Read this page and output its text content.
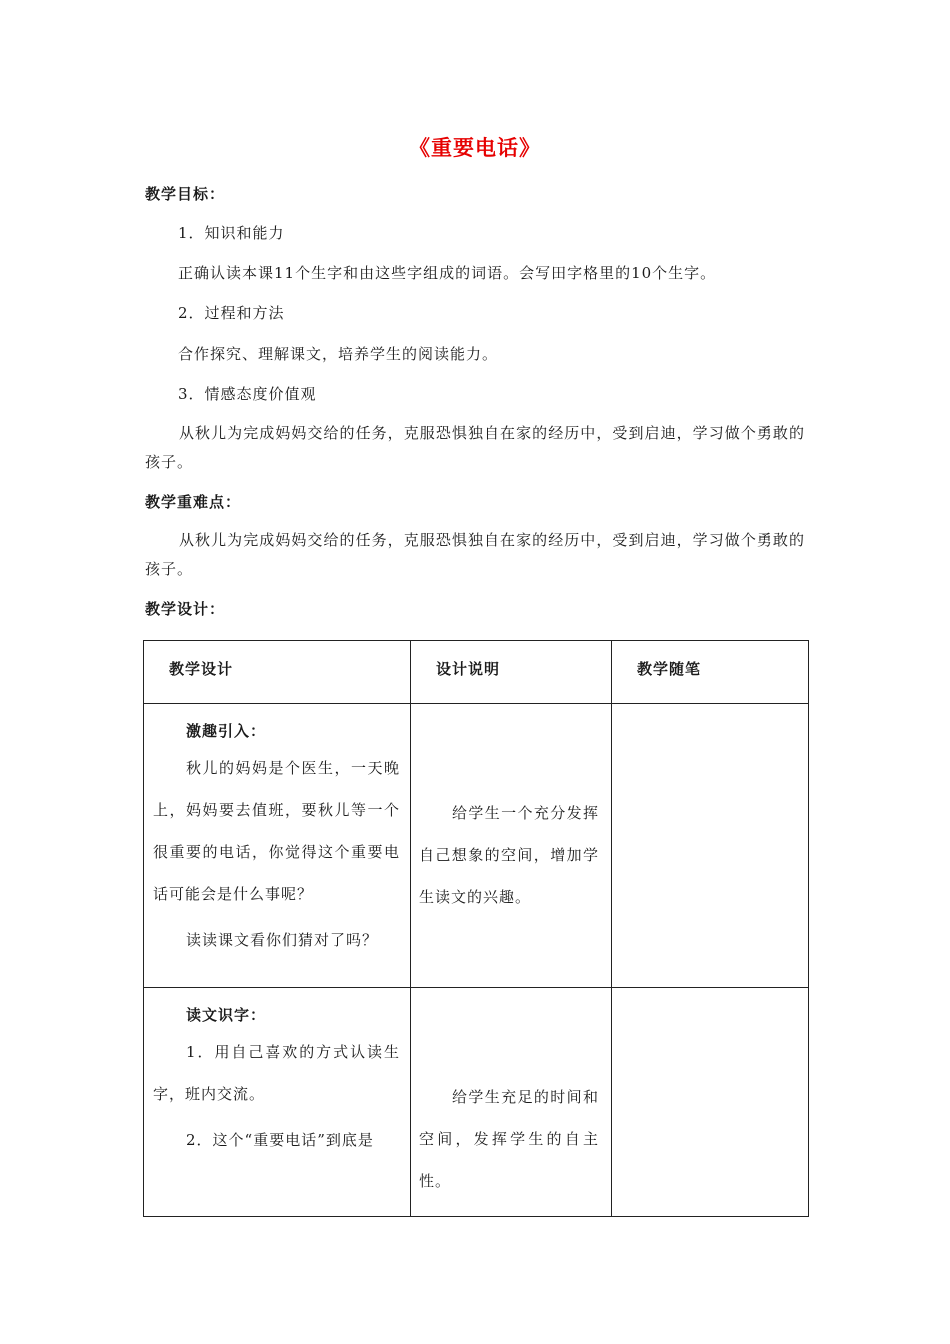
《重要电话》
教学目标：
1．知识和能力
正确认读本课11个生字和由这些字组成的词语。会写田字格里的10个生字。
2．过程和方法
合作探究、理解课文，培养学生的阅读能力。
3．情感态度价值观
从秋儿为完成妈妈交给的任务，克服恐惧独自在家的经历中，受到启迪，学习做个勇敢的孩子。
教学重难点：
从秋儿为完成妈妈交给的任务，克服恐惧独自在家的经历中，受到启迪，学习做个勇敢的孩子。
教学设计：
教学设计	设计说明	教学随笔

激趣引入：
秋儿的妈妈是个医生，一天晚上，妈妈要去值班，要秋儿等一个很重要的电话，你觉得这个重要电话可能会是什么事呢？
读读课文看你们猜对了吗？	给学生一个充分发挥自己想象的空间，增加学生读文的兴趣。	

读文识字：
1．用自己喜欢的方式认读生字，班内交流。
2．这个“重要电话”到底是	给学生充足的时间和空间，发挥学生的自主性。	
